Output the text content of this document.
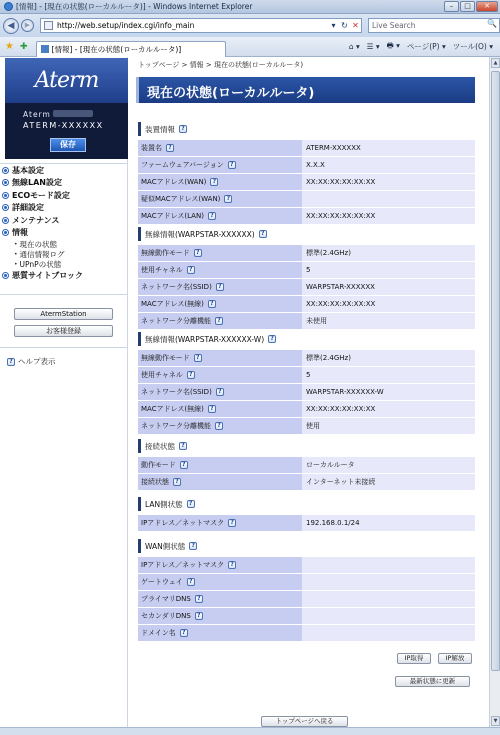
[情報] - [現在の状態(ローカルルータ)] - Windows Internet Explorer	–	□	✕
◀	▶	http://web.setup/index.cgi/info_main	▾ ↻ ✕ Live Search	🔍
★ ✚	[情報] - [現在の状態(ローカルルータ)]	⌂ ▾ ☰ ▾ 🖶 ▾ ページ(P) ▾ ツール(O) ▾
Aterm
Aterm
ATERM-XXXXXX
保存
基本設定
無線LAN設定
ECOモード設定
詳細設定
メンテナンス
情報
• 現在の状態
• 通信情報ログ
• UPnPの状態
悪質サイトブロック
AtermStation
お客様登録
? ヘルプ表示
トップページ > 情報 > 現在の状態(ローカルルータ)
現在の状態(ローカルルータ)
装置情報	?
装置名	?	ATERM-XXXXXX
ファームウェアバージョン	?	X.X.X
MACアドレス(WAN)	?	XX:XX:XX:XX:XX:XX
疑似MACアドレス(WAN)	?
MACアドレス(LAN)	?	XX:XX:XX:XX:XX:XX
無線情報(WARPSTAR-XXXXXX)	?
無線動作モード	?	標準(2.4GHz)
使用チャネル	?	5
ネットワーク名(SSID)	?	WARPSTAR-XXXXXX
MACアドレス(無線)	?	XX:XX:XX:XX:XX:XX
ネットワーク分離機能	?	未使用
無線情報(WARPSTAR-XXXXXX-W)	?
無線動作モード	?	標準(2.4GHz)
使用チャネル	?	5
ネットワーク名(SSID)	?	WARPSTAR-XXXXXX-W
MACアドレス(無線)	?	XX:XX:XX:XX:XX:XX
ネットワーク分離機能	?	使用
接続状態	?
動作モード	?	ローカルルータ
接続状態	?	インターネット未接続
LAN側状態	?
IPアドレス／ネットマスク	?	192.168.0.1/24
WAN側状態	?
IPアドレス／ネットマスク	?
ゲートウェイ	?
プライマリDNS	?
セカンダリDNS	?
ドメイン名	?
IP取得	IP解放
最新状態に更新
トップページへ戻る
▲
▼
